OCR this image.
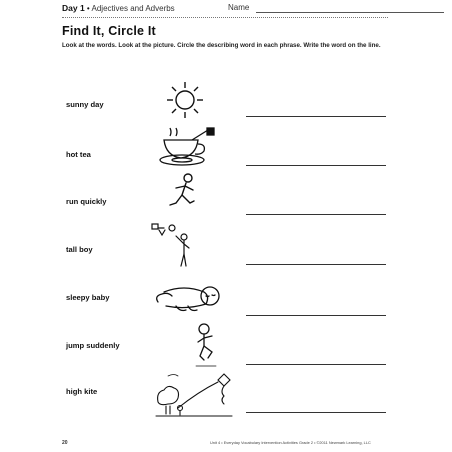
Day 1 • Adjectives and Adverbs	Name
Find It, Circle It
Look at the words. Look at the picture. Circle the describing word in each phrase. Write the word on the line.
sunny day
hot tea
run quickly
tall boy
sleepy baby
jump suddenly
high kite
20	Unit 4 • Everyday Vocabulary Intervention Activities Grade 2 • ©2011 Newmark Learning, LLC
